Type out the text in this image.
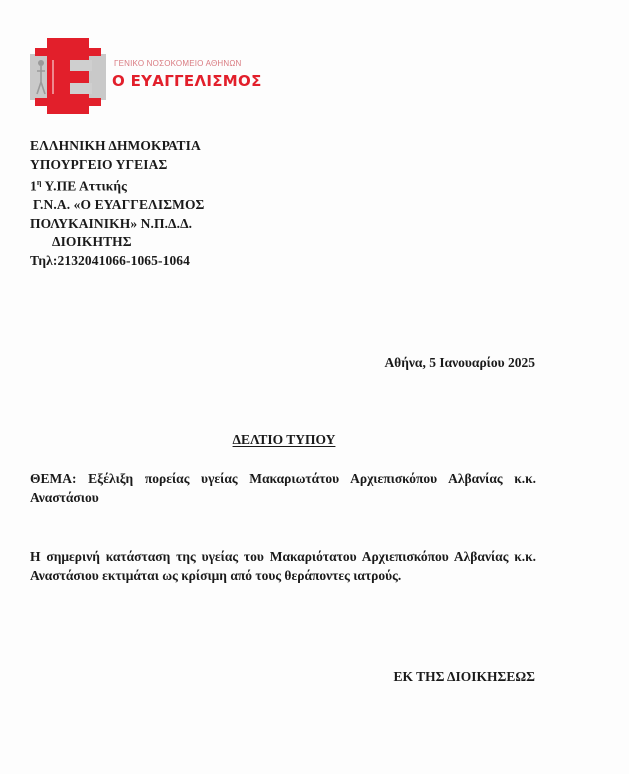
ΓΕΝΙΚΟ ΝΟΣΟΚΟΜΕΙΟ ΑΘΗΝΩΝ
Ο ΕΥΑΓΓΕΛΙΣΜΟΣ
ΕΛΛΗΝΙΚΗ ΔΗΜΟΚΡΑΤΙΑ
ΥΠΟΥΡΓΕΙΟ ΥΓΕΙΑΣ
$1^\eta$ Υ.ΠΕ Αττικής
Γ.Ν.Α. «Ο ΕΥΑΓΓΕΛΙΣΜΟΣ
ΠΟΛΥΚΑΙΝΙΚΗ» Ν.Π.Δ.Δ.
ΔΙΟΙΚΗΤΗΣ
Τηλ:2132041066-1065-1064
Αθήνα, 5 Ιανουαρίου 2025
ΔΕΛΤΙΟ ΤΥΠΟΥ
ΘΕΜΑ: Εξέλιξη πορείας υγείας Μακαριωτάτου Αρχιεπισκόπου Αλβανίας κ.κ. Αναστάσιου
Η σημερινή κατάσταση της υγείας του Μακαριότατου Αρχιεπισκόπου Αλβανίας κ.κ. Αναστάσιου εκτιμάται ως κρίσιμη από τους θεράποντες ιατρούς.
ΕΚ ΤΗΣ ΔΙΟΙΚΗΣΕΩΣ
